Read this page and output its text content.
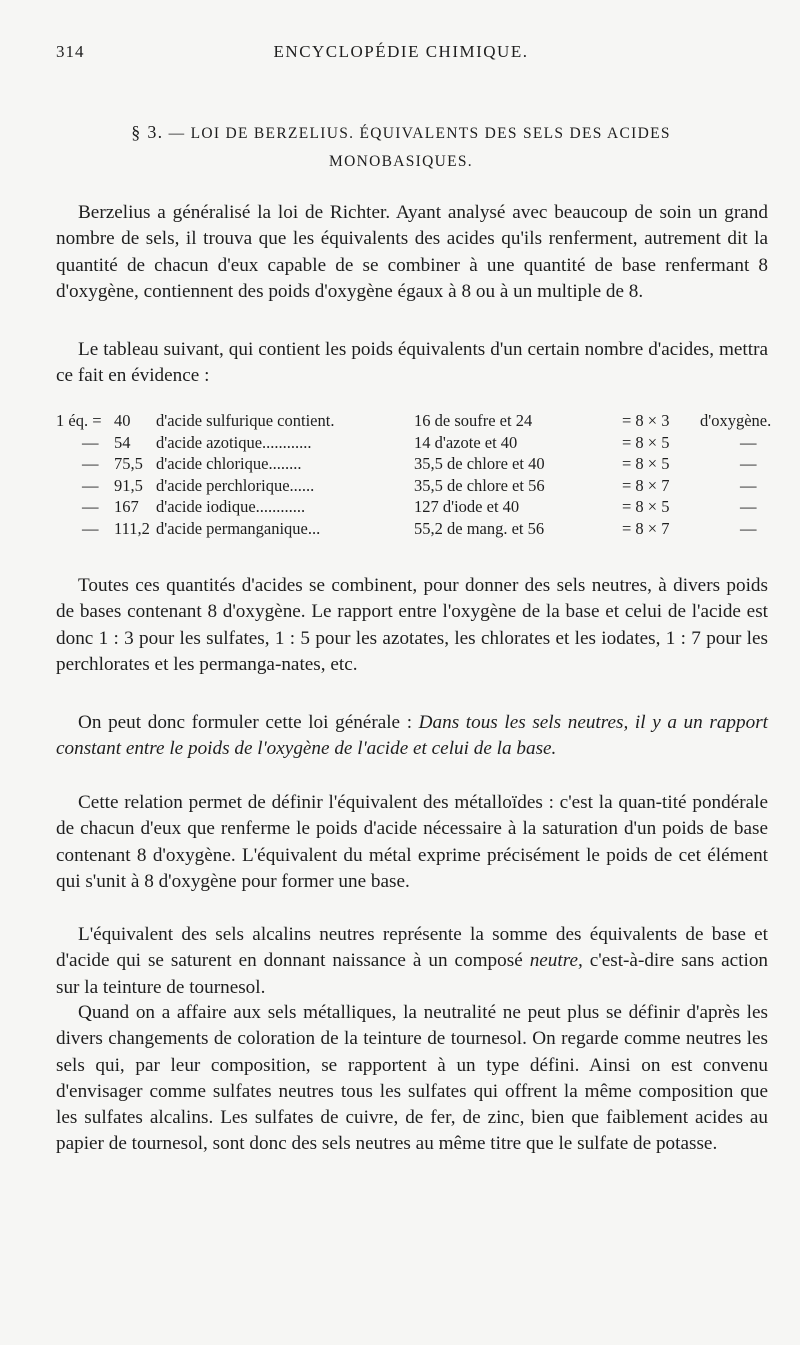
314	ENCYCLOPÉDIE CHIMIQUE.
§ 3. — LOI DE BERZELIUS. ÉQUIVALENTS DES SELS DES ACIDES
MONOBASIQUES.

Berzelius a généralisé la loi de Richter. Ayant analysé avec beaucoup de soin un grand nombre de sels, il trouva que les équivalents des acides qu'ils renferment, autrement dit la quantité de chacun d'eux capable de se combiner à une quantité de base renfermant 8 d'oxygène, contiennent des poids d'oxygène égaux à 8 ou à un multiple de 8.

Le tableau suivant, qui contient les poids équivalents d'un certain nombre d'acides, mettra ce fait en évidence :

1 éq. = 40 d'acide sulfurique contient.	16 de soufre et 24	= 8 × 3 d'oxygène.
— 54 d'acide azotique............	14 d'azote et 40	= 8 × 5	—
— 75,5 d'acide chlorique........	35,5 de chlore et 40	= 8 × 5	—
— 91,5 d'acide perchlorique......	35,5 de chlore et 56	= 8 × 7	—
— 167 d'acide iodique............	127 d'iode et 40	= 8 × 5	—
— 111,2 d'acide permanganique...	55,2 de mang. et 56	= 8 × 7	—

Toutes ces quantités d'acides se combinent, pour donner des sels neutres, à divers poids de bases contenant 8 d'oxygène. Le rapport entre l'oxygène de la base et celui de l'acide est donc 1 : 3 pour les sulfates, 1 : 5 pour les azotates, les chlorates et les iodates, 1 : 7 pour les perchlorates et les permanga-nates, etc.

On peut donc formuler cette loi générale : Dans tous les sels neutres, il y a un rapport constant entre le poids de l'oxygène de l'acide et celui de la base.

Cette relation permet de définir l'équivalent des métalloïdes : c'est la quan-tité pondérale de chacun d'eux que renferme le poids d'acide nécessaire à la saturation d'un poids de base contenant 8 d'oxygène. L'équivalent du métal exprime précisément le poids de cet élément qui s'unit à 8 d'oxygène pour former une base.

L'équivalent des sels alcalins neutres représente la somme des équivalents de base et d'acide qui se saturent en donnant naissance à un composé neutre, c'est-à-dire sans action sur la teinture de tournesol.

Quand on a affaire aux sels métalliques, la neutralité ne peut plus se définir d'après les divers changements de coloration de la teinture de tournesol. On regarde comme neutres les sels qui, par leur composition, se rapportent à un type défini. Ainsi on est convenu d'envisager comme sulfates neutres tous les sulfates qui offrent la même composition que les sulfates alcalins. Les sulfates de cuivre, de fer, de zinc, bien que faiblement acides au papier de tournesol, sont donc des sels neutres au même titre que le sulfate de potasse.
